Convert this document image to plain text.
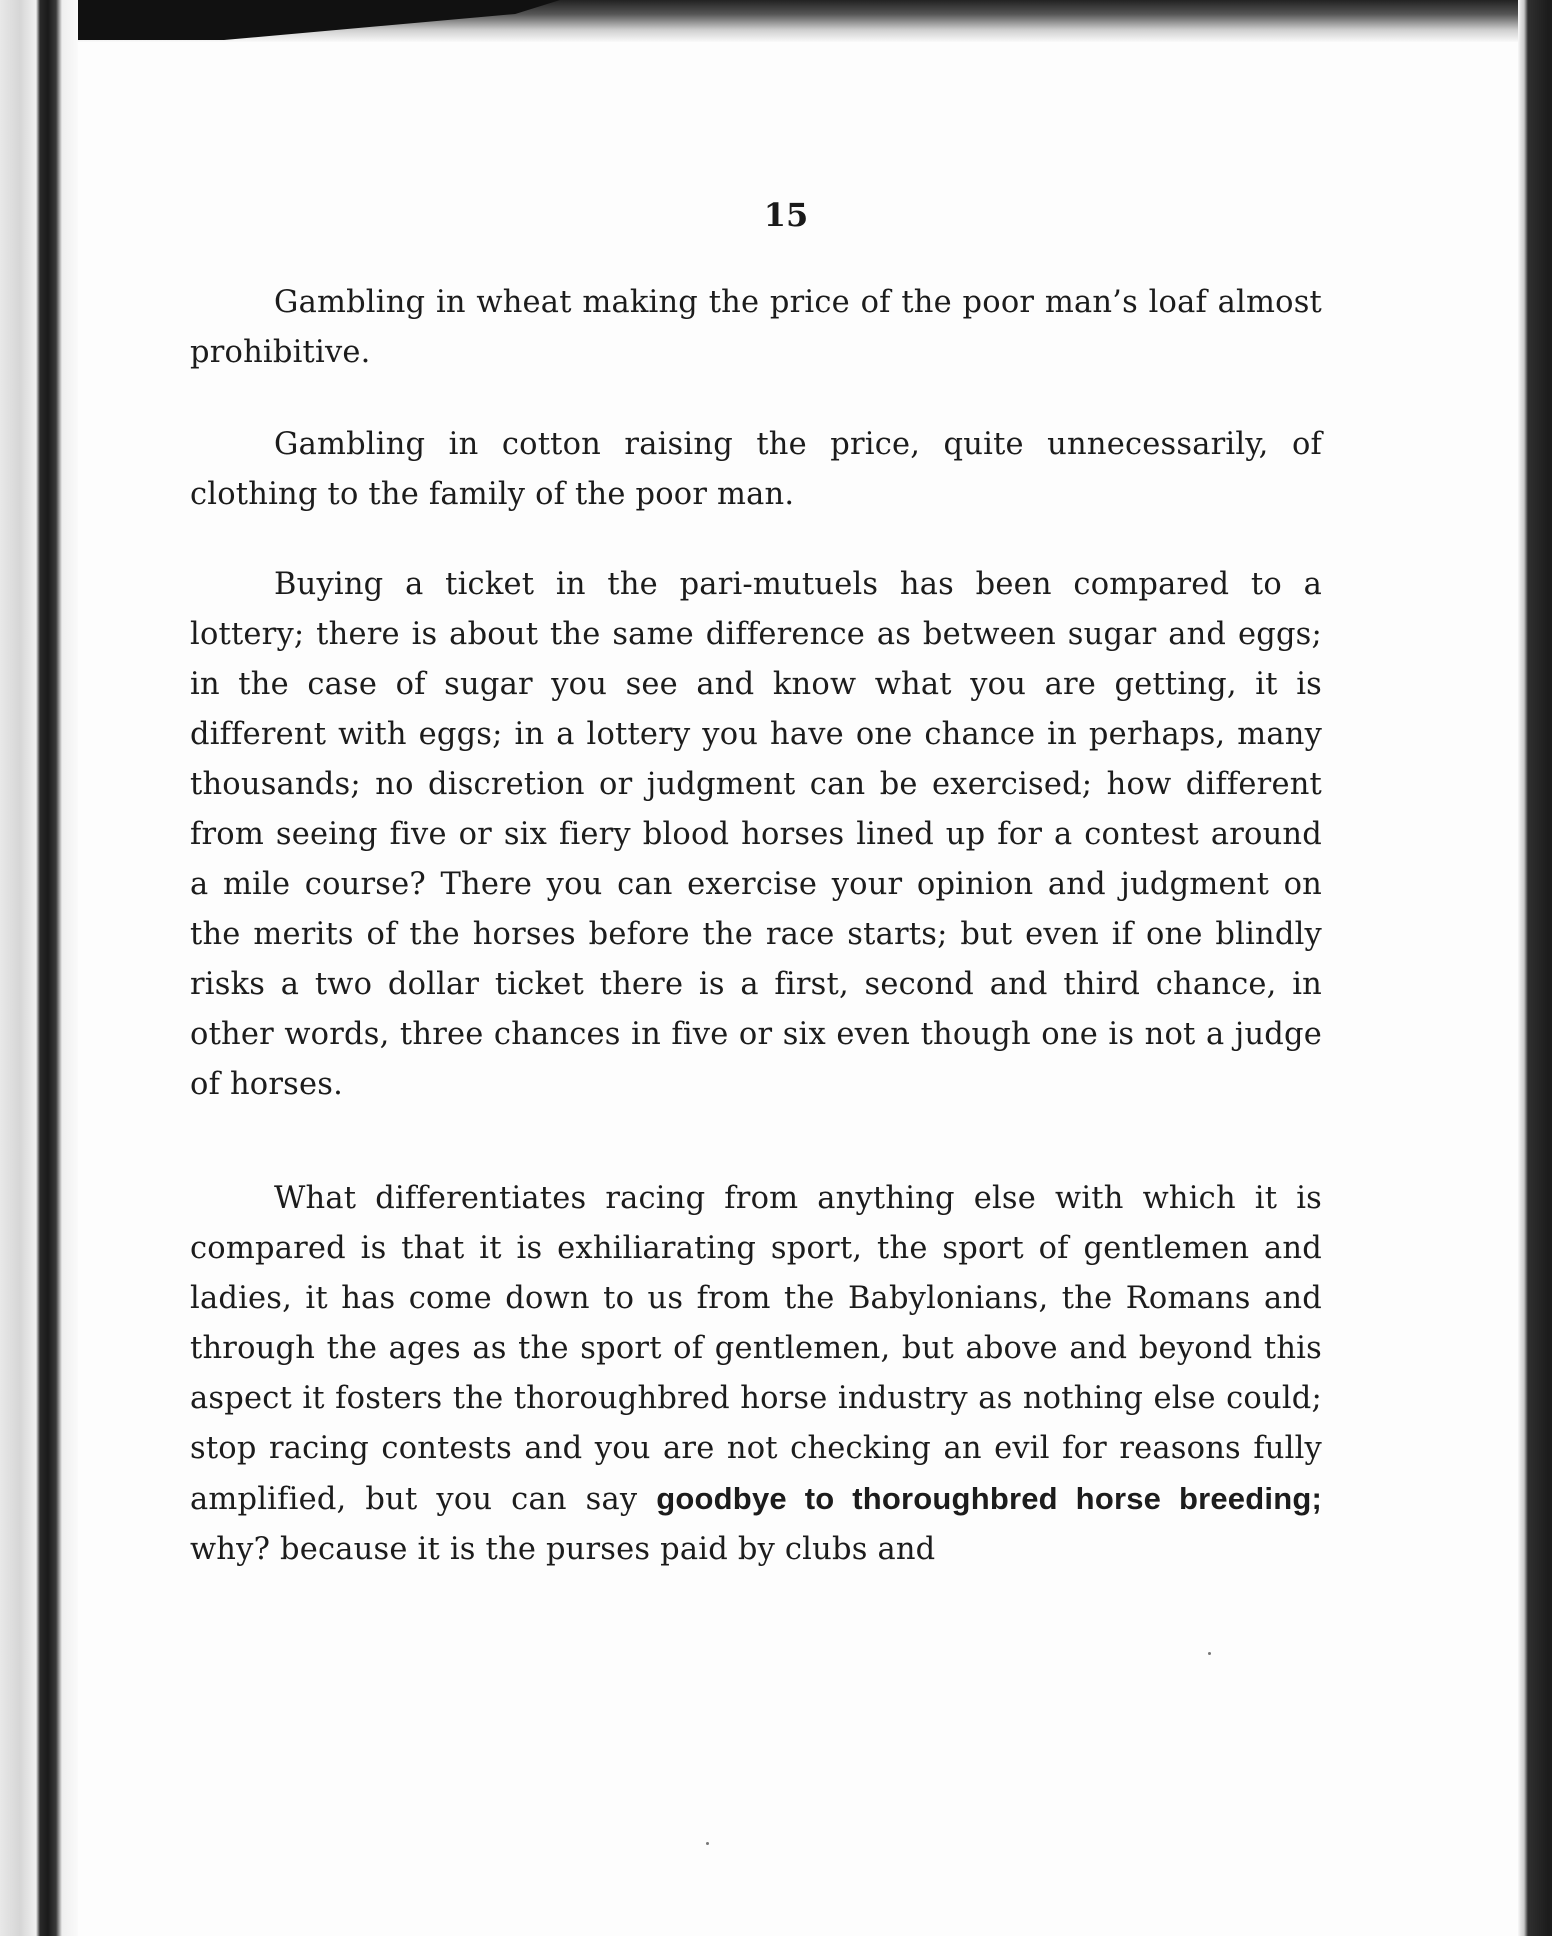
15

Gambling in wheat making the price of the poor man’s loaf almost prohibitive.

Gambling in cotton raising the price, quite unnecessarily, of clothing to the family of the poor man.

Buying a ticket in the pari-mutuels has been compared to a lottery; there is about the same difference as between sugar and eggs; in the case of sugar you see and know what you are getting, it is different with eggs; in a lottery you have one chance in perhaps, many thousands; no discretion or judgment can be exercised; how different from seeing five or six fiery blood horses lined up for a contest around a mile course? There you can exercise your opinion and judgment on the merits of the horses before the race starts; but even if one blindly risks a two dollar ticket there is a first, second and third chance, in other words, three chances in five or six even though one is not a judge of horses.

What differentiates racing from anything else with which it is compared is that it is exhiliarating sport, the sport of gentlemen and ladies, it has come down to us from the Babylonians, the Romans and through the ages as the sport of gentlemen, but above and beyond this aspect it fosters the thoroughbred horse industry as nothing else could; stop racing contests and you are not checking an evil for reasons fully amplified, but you can say goodbye to thoroughbred horse breeding; why? because it is the purses paid by clubs and
